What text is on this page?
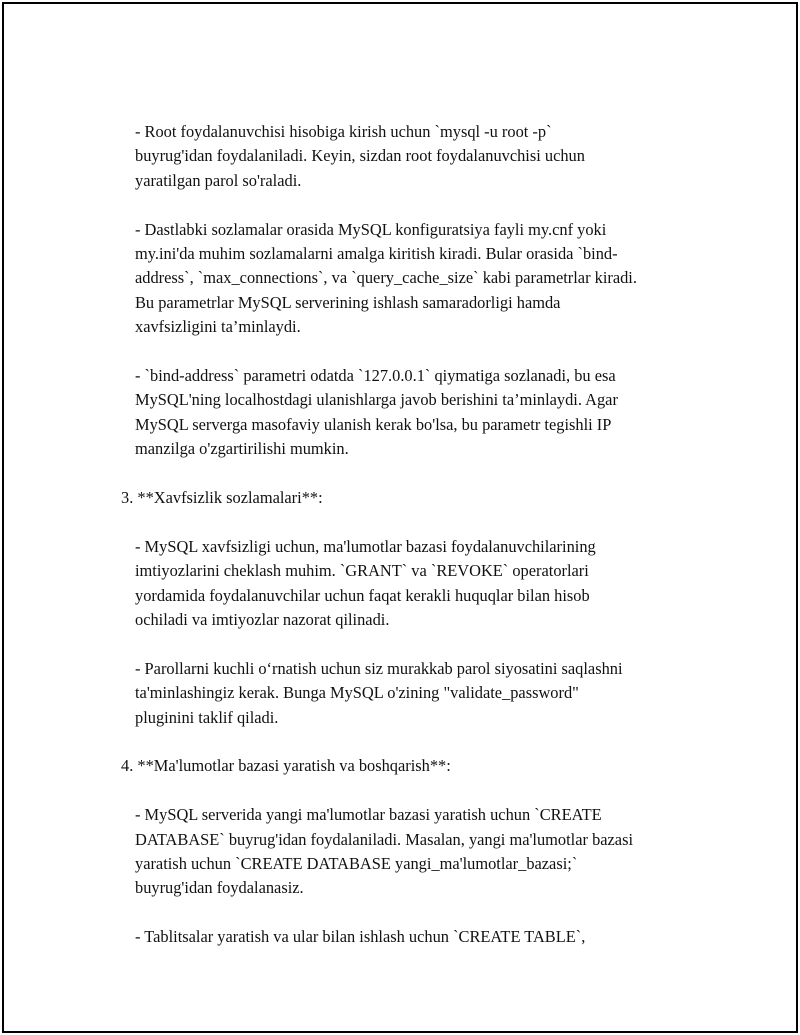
- Root foydalanuvchisi hisobiga kirish uchun `mysql -u root -p`
buyrug'idan foydalaniladi. Keyin, sizdan root foydalanuvchisi uchun
yaratilgan parol so'raladi.

- Dastlabki sozlamalar orasida MySQL konfiguratsiya fayli my.cnf yoki
my.ini'da muhim sozlamalarni amalga kiritish kiradi. Bular orasida `bind-
address`, `max_connections`, va `query_cache_size` kabi parametrlar kiradi.
Bu parametrlar MySQL serverining ishlash samaradorligi hamda
xavfsizligini ta’minlaydi.

- `bind-address` parametri odatda `127.0.0.1` qiymatiga sozlanadi, bu esa
MySQL'ning localhostdagi ulanishlarga javob berishini ta’minlaydi. Agar
MySQL serverga masofaviy ulanish kerak bo'lsa, bu parametr tegishli IP
manzilga o'zgartirilishi mumkin.

3. **Xavfsizlik sozlamalari**:

- MySQL xavfsizligi uchun, ma'lumotlar bazasi foydalanuvchilarining
imtiyozlarini cheklash muhim. `GRANT` va `REVOKE` operatorlari
yordamida foydalanuvchilar uchun faqat kerakli huquqlar bilan hisob
ochiladi va imtiyozlar nazorat qilinadi.

- Parollarni kuchli o‘rnatish uchun siz murakkab parol siyosatini saqlashni
ta'minlashingiz kerak. Bunga MySQL o'zining "validate_password"
pluginini taklif qiladi.

4. **Ma'lumotlar bazasi yaratish va boshqarish**:

- MySQL serverida yangi ma'lumotlar bazasi yaratish uchun `CREATE
DATABASE` buyrug'idan foydalaniladi. Masalan, yangi ma'lumotlar bazasi
yaratish uchun `CREATE DATABASE yangi_ma'lumotlar_bazasi;`
buyrug'idan foydalanasiz.

- Tablitsalar yaratish va ular bilan ishlash uchun `CREATE TABLE`,
